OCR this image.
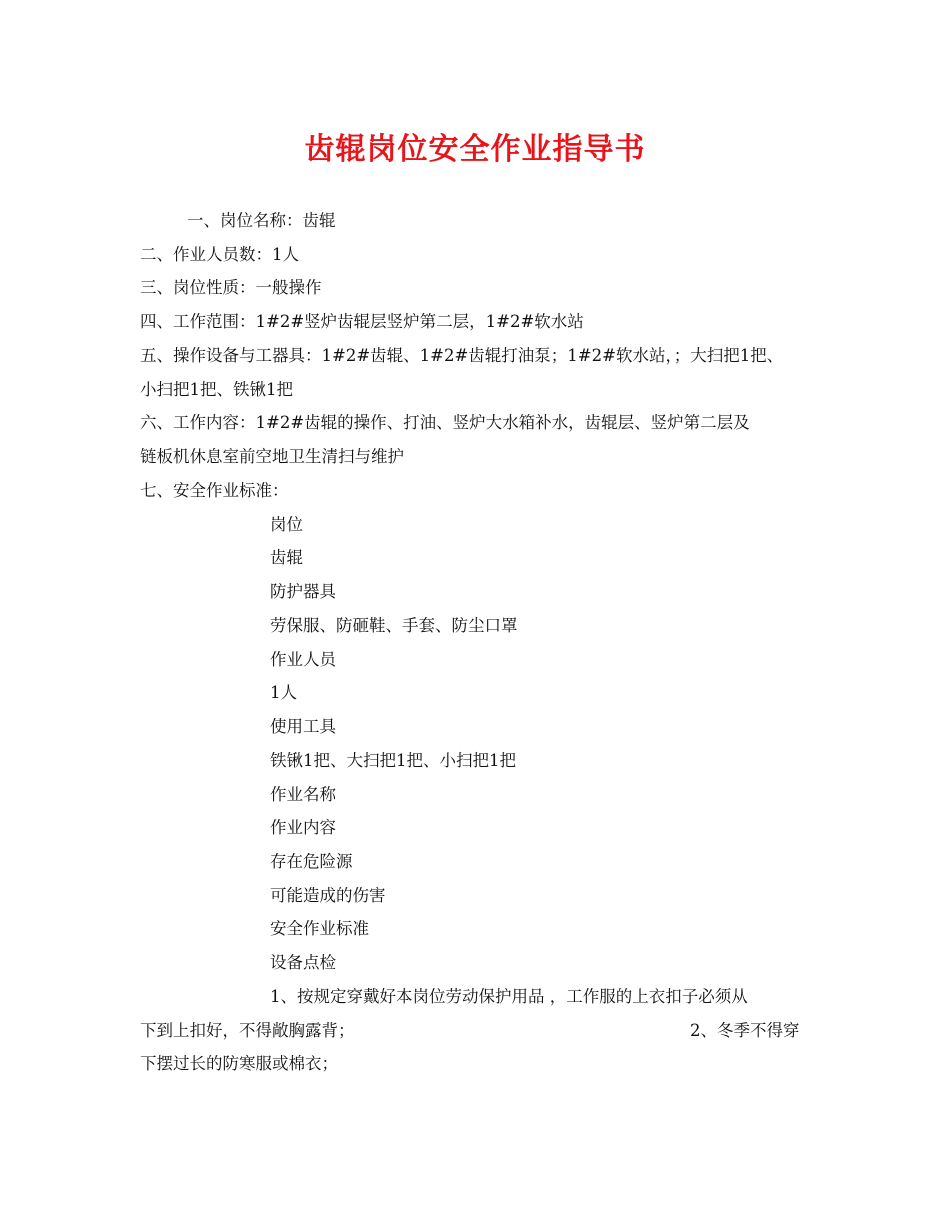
齿辊岗位安全作业指导书
一、岗位名称：齿辊
二、作业人员数：1人
三、岗位性质：一般操作
四、工作范围：1#2#竖炉齿辊层竖炉第二层，1#2#软水站
五、操作设备与工器具：1#2#齿辊、1#2#齿辊打油泵；1#2#软水站，；大扫把1把、
小扫把1把、铁锹1把
六、工作内容：1#2#齿辊的操作、打油、竖炉大水箱补水，齿辊层、竖炉第二层及
链板机休息室前空地卫生清扫与维护
七、安全作业标准：
岗位
齿辊
防护器具
劳保服、防砸鞋、手套、防尘口罩
作业人员
1人
使用工具
铁锹1把、大扫把1把、小扫把1把
作业名称
作业内容
存在危险源
可能造成的伤害
安全作业标准
设备点检
1、按规定穿戴好本岗位劳动保护用品 ，工作服的上衣扣子必须从
下到上扣好，不得敞胸露背；	2、冬季不得穿
下摆过长的防寒服或棉衣；
